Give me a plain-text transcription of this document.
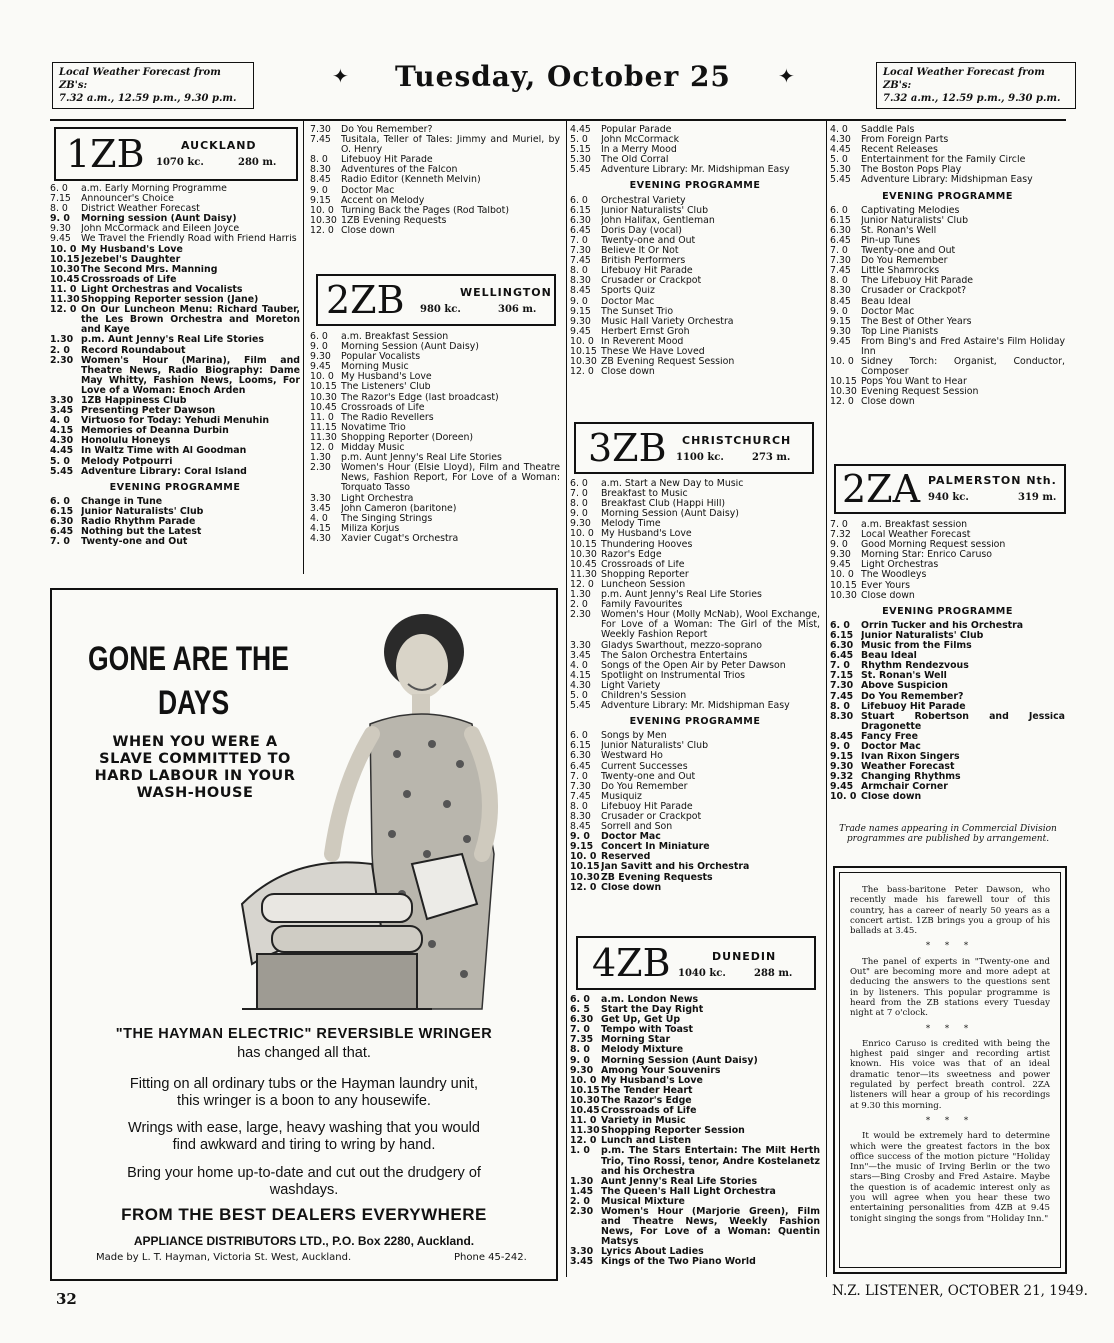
Local Weather Forecast from ZB's:
7.32 a.m., 12.59 p.m., 9.30 p.m.
✦ Tuesday, October 25 ✦	Local Weather Forecast from ZB's:
7.32 a.m., 12.59 p.m., 9.30 p.m.
1ZB	AUCKLAND
1070 kc.	280 m.
6. 0	a.m. Early Morning Programme
7.15	Announcer's Choice
8. 0	District Weather Forecast
9. 0	Morning session (Aunt Daisy)
9.30	John McCormack and Eileen Joyce
9.45	We Travel the Friendly Road with Friend Harris
10. 0 My Husband's Love
10.15 Jezebel's Daughter
10.30 The Second Mrs. Manning
10.45 Crossroads of Life
11. 0 Light Orchestras and Vocalists
11.30 Shopping Reporter session (Jane)
12. 0 On Our Luncheon Menu: Richard Tauber, the Les Brown Orchestra and Moreton and Kaye
1.30 p.m. Aunt Jenny's Real Life Stories
2. 0	Record Roundabout
2.30 Women's Hour (Marina), Film and Theatre News, Radio Biography: Dame May Whitty, Fashion News, Looms, For Love of a Woman: Enoch Arden
3.30 1ZB Happiness Club
3.45 Presenting Peter Dawson
4. 0	Virtuoso for Today: Yehudi Menuhin
4.15 Memories of Deanna Durbin
4.30 Honolulu Honeys
4.45 In Waltz Time with Al Goodman
5. 0	Melody Potpourri
5.45 Adventure Library: Coral Island
EVENING PROGRAMME
6. 0	Change in Tune
6.15 Junior Naturalists' Club
6.30 Radio Rhythm Parade
6.45 Nothing but the Latest
7. 0	Twenty-one and Out
7.30	Do You Remember?
7.45	Tusitala, Teller of Tales: Jimmy and Muriel, by O. Henry
8. 0	Lifebuoy Hit Parade
8.30	Adventures of the Falcon
8.45	Radio Editor (Kenneth Melvin)
9. 0	Doctor Mac
9.15	Accent on Melody
10. 0 Turning Back the Pages (Rod Talbot)
10.30 1ZB Evening Requests
12. 0 Close down
2ZB	WELLINGTON
980 kc.	306 m.
6. 0	a.m. Breakfast Session
9. 0	Morning Session (Aunt Daisy)
9.30	Popular Vocalists
9.45	Morning Music
10. 0 My Husband's Love
10.15 The Listeners' Club
10.30 The Razor's Edge (last broadcast)
10.45 Crossroads of Life
11. 0 The Radio Revellers
11.15 Novatime Trio
11.30 Shopping Reporter (Doreen)
12. 0 Midday Music
1.30	p.m. Aunt Jenny's Real Life Stories
2.30	Women's Hour (Elsie Lloyd), Film and Theatre News, Fashion Report, For Love of a Woman: Torquato Tasso
3.30	Light Orchestra
3.45	John Cameron (baritone)
4. 0	The Singing Strings
4.15	Miliza Korjus
4.30	Xavier Cugat's Orchestra
4.45	Popular Parade
5. 0	John McCormack
5.15	In a Merry Mood
5.30	The Old Corral
5.45	Adventure Library: Mr. Midshipman Easy
EVENING PROGRAMME
6. 0	Orchestral Variety
6.15	Junior Naturalists' Club
6.30	John Halifax, Gentleman
6.45	Doris Day (vocal)
7. 0	Twenty-one and Out
7.30	Believe It Or Not
7.45	British Performers
8. 0	Lifebuoy Hit Parade
8.30	Crusader or Crackpot
8.45	Sports Quiz
9. 0	Doctor Mac
9.15	The Sunset Trio
9.30	Music Hall Variety Orchestra
9.45	Herbert Ernst Groh
10. 0 In Reverent Mood
10.15 These We Have Loved
10.30 ZB Evening Request Session
12. 0 Close down
3ZB CHRISTCHURCH
1100 kc.	273 m.
6. 0	a.m. Start a New Day to Music
7. 0	Breakfast to Music
8. 0	Breakfast Club (Happi Hill)
9. 0	Morning Session (Aunt Daisy)
9.30	Melody Time
10. 0 My Husband's Love
10.15 Thundering Hooves
10.30 Razor's Edge
10.45 Crossroads of Life
11.30 Shopping Reporter
12. 0 Luncheon Session
1.30	p.m. Aunt Jenny's Real Life Stories
2. 0	Family Favourites
2.30	Women's Hour (Molly McNab), Wool Exchange, For Love of a Woman: The Girl of the Mist, Weekly Fashion Report
3.30	Gladys Swarthout, mezzo-soprano
3.45	The Salon Orchestra Entertains
4. 0	Songs of the Open Air by Peter Dawson
4.15	Spotlight on Instrumental Trios
4.30	Light Variety
5. 0	Children's Session
5.45	Adventure Library: Mr. Midshipman Easy
EVENING PROGRAMME
6. 0	Songs by Men
6.15	Junior Naturalists' Club
6.30	Westward Ho
6.45	Current Successes
7. 0	Twenty-one and Out
7.30	Do You Remember
7.45	Musiquiz
8. 0	Lifebuoy Hit Parade
8.30	Crusader or Crackpot
8.45	Sorrell and Son
9. 0	Doctor Mac
9.15 Concert In Miniature
10. 0 Reserved
10.15 Jan Savitt and his Orchestra
10.30 ZB Evening Requests
12. 0 Close down
4ZB	DUNEDIN
1040 kc.	288 m.
6. 0	a.m. London News
6. 5	Start the Day Right
6.30 Get Up, Get Up
7. 0	Tempo with Toast
7.35 Morning Star
8. 0	Melody Mixture
9. 0	Morning Session (Aunt Daisy)
9.30 Among Your Souvenirs
10. 0 My Husband's Love
10.15 The Tender Heart
10.30 The Razor's Edge
10.45 Crossroads of Life
11. 0 Variety in Music
11.30 Shopping Reporter Session
12. 0 Lunch and Listen
1. 0	p.m. The Stars Entertain: The Milt Herth Trio, Tino Rossi, tenor, Andre Kostelanetz and his Orchestra
1.30 Aunt Jenny's Real Life Stories
1.45 The Queen's Hall Light Orchestra
2. 0	Musical Mixture
2.30 Women's Hour (Marjorie Green), Film and Theatre News, Weekly Fashion News, For Love of a Woman: Quentin Matsys
3.30 Lyrics About Ladies
3.45 Kings of the Two Piano World
4. 0	Saddle Pals
4.30	From Foreign Parts
4.45	Recent Releases
5. 0	Entertainment for the Family Circle
5.30	The Boston Pops Play
5.45	Adventure Library: Midshipman Easy
EVENING PROGRAMME
6. 0	Captivating Melodies
6.15	Junior Naturalists' Club
6.30	St. Ronan's Well
6.45	Pin-up Tunes
7. 0	Twenty-one and Out
7.30	Do You Remember
7.45	Little Shamrocks
8. 0	The Lifebuoy Hit Parade
8.30	Crusader or Crackpot?
8.45	Beau Ideal
9. 0	Doctor Mac
9.15	The Best of Other Years
9.30	Top Line Pianists
9.45	From Bing's and Fred Astaire's Film Holiday Inn
10. 0 Sidney Torch: Organist, Conductor, Composer
10.15 Pops You Want to Hear
10.30 Evening Request Session
12. 0 Close down
2ZA PALMERSTON Nth.
940 kc.	319 m.
7. 0	a.m. Breakfast session
7.32	Local Weather Forecast
9. 0	Good Morning Request session
9.30	Morning Star: Enrico Caruso
9.45	Light Orchestras
10. 0 The Woodleys
10.15 Ever Yours
10.30 Close down
EVENING PROGRAMME
6. 0	Orrin Tucker and his Orchestra
6.15 Junior Naturalists' Club
6.30 Music from the Films
6.45 Beau Ideal
7. 0	Rhythm Rendezvous
7.15 St. Ronan's Well
7.30 Above Suspicion
7.45 Do You Remember?
8. 0	Lifebuoy Hit Parade
8.30 Stuart Robertson and Jessica Dragonette
8.45 Fancy Free
9. 0	Doctor Mac
9.15 Ivan Rixon Singers
9.30 Weather Forecast
9.32 Changing Rhythms
9.45 Armchair Corner
10. 0 Close down
Trade names appearing in Commercial Division programmes are published by arrangement.

The bass-baritone Peter Dawson, who recently made his farewell tour of this country, has a career of nearly 50 years as a concert artist. 1ZB brings you a group of his ballads at 3.45.

* * *

The panel of experts in "Twenty-one and Out" are becoming more and more adept at deducing the answers to the questions sent in by listeners. This popular programme is heard from the ZB stations every Tuesday night at 7 o'clock.

* * *

Enrico Caruso is credited with being the highest paid singer and recording artist known. His voice was that of an ideal dramatic tenor—its sweetness and power regulated by perfect breath control. 2ZA listeners will hear a group of his recordings at 9.30 this morning.

* * *

It would be extremely hard to determine which were the greatest factors in the box office success of the motion picture "Holiday Inn"—the music of Irving Berlin or the two stars—Bing Crosby and Fred Astaire. Maybe the question is of academic interest only as you will agree when you hear these two entertaining personalities from 4ZB at 9.45 tonight singing the songs from "Holiday Inn."

GONE ARE THE
DAYS
WHEN YOU WERE A SLAVE COMMITTED TO HARD LABOUR IN YOUR WASH-HOUSE
"THE HAYMAN ELECTRIC" REVERSIBLE WRINGER
has changed all that.
Fitting on all ordinary tubs or the Hayman laundry unit,
this wringer is a boon to any housewife.
Wrings with ease, large, heavy washing that you would
find awkward and tiring to wring by hand.
Bring your home up-to-date and cut out the drudgery of
washdays.
FROM THE BEST DEALERS EVERYWHERE
APPLIANCE DISTRIBUTORS LTD., P.O. Box 2280, Auckland.
Made by L. T. Hayman, Victoria St. West, Auckland.	Phone 45-242.
32	N.Z. LISTENER, OCTOBER 21, 1949.
